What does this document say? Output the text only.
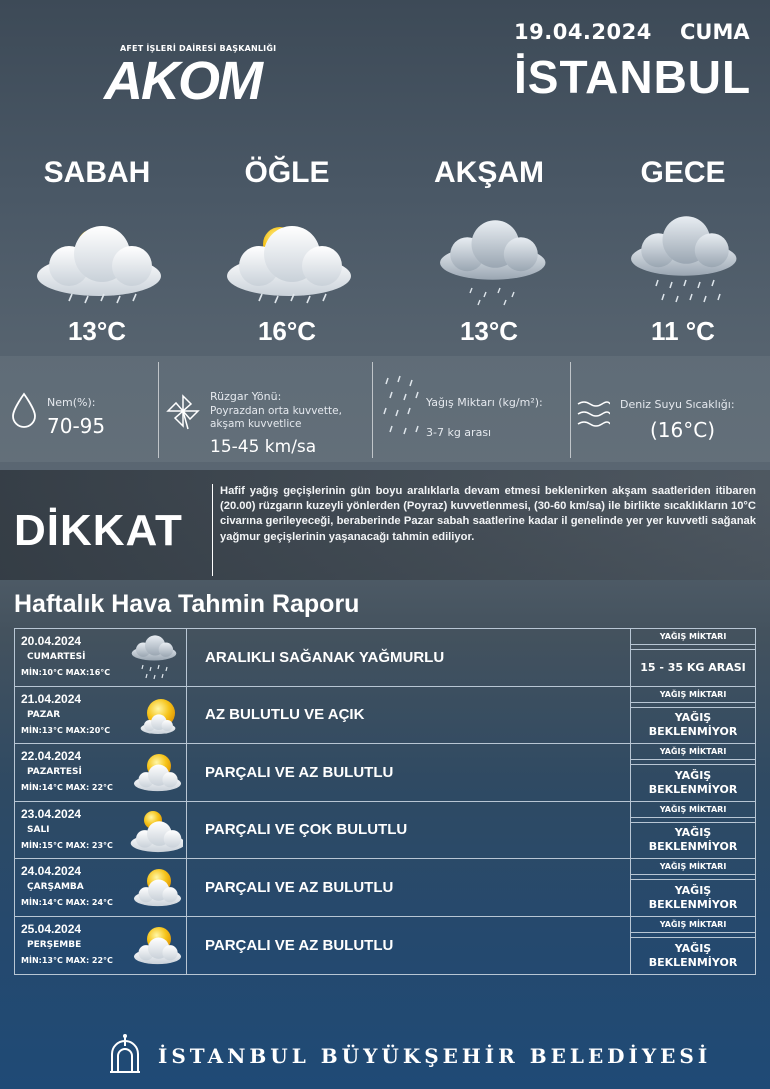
AFET İŞLERİ DAİRESİ BAŞKANLIĞI
AKOM
19.04.2024 CUMA
İSTANBUL
SABAH
13°C
ÖĞLE
16°C
AKŞAM
13°C
GECE
11 °C
Nem(%):
70-95
Rüzgar Yönü:
Poyrazdan orta kuvvette,
akşam kuvvetlice
15-45 km/sa
Yağış Miktarı (kg/m²):
3-7 kg arası
Deniz Suyu Sıcaklığı:
(16°C)
DİKKAT
Hafif yağış geçişlerinin gün boyu aralıklarla devam etmesi beklenirken akşam saatleriden itibaren (20.00) rüzgarın kuzeyli yönlerden (Poyraz) kuvvetlenmesi, (30-60 km/sa) ile birlikte sıcaklıkların 10°C civarına gerileyeceği, beraberinde Pazar sabah saatlerine kadar il genelinde yer yer kuvvetli sağanak yağmur geçişlerinin yaşanacağı tahmin ediliyor.
Haftalık Hava Tahmin Raporu
20.04.2024
CUMARTESİ
MİN:10°C MAX:16°C
ARALIKLI SAĞANAK YAĞMURLU
YAĞIŞ MİKTARI
15 - 35 KG ARASI
21.04.2024
PAZAR
MİN:13°C MAX:20°C
AZ BULUTLU VE AÇIK
YAĞIŞ MİKTARI
YAĞIŞ BEKLENMİYOR
22.04.2024
PAZARTESİ
MİN:14°C MAX: 22°C
PARÇALI VE AZ BULUTLU
YAĞIŞ MİKTARI
YAĞIŞ BEKLENMİYOR
23.04.2024
SALI
MİN:15°C MAX: 23°C
PARÇALI VE ÇOK BULUTLU
YAĞIŞ MİKTARI
YAĞIŞ BEKLENMİYOR
24.04.2024
ÇARŞAMBA
MİN:14°C MAX: 24°C
PARÇALI VE AZ BULUTLU
YAĞIŞ MİKTARI
YAĞIŞ BEKLENMİYOR
25.04.2024
PERŞEMBE
MİN:13°C MAX: 22°C
PARÇALI VE AZ BULUTLU
YAĞIŞ MİKTARI
YAĞIŞ BEKLENMİYOR
İSTANBUL BÜYÜKŞEHİR BELEDİYESİ
